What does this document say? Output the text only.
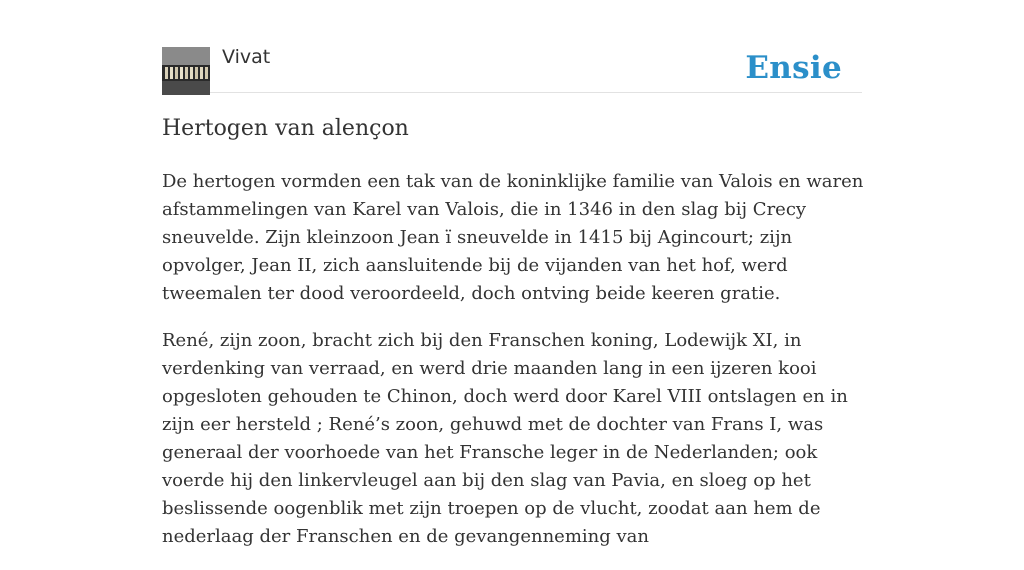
Vivat	Ensie
Hertogen van alençon

De hertogen vormden een tak van de koninklijke familie van Valois en waren afstammelingen van Karel van Valois, die in 1346 in den slag bij Crecy sneuvelde. Zijn kleinzoon Jean ï sneuvelde in 1415 bij Agincourt; zijn opvolger, Jean II, zich aansluitende bij de vijanden van het hof, werd tweemalen ter dood veroordeeld, doch ontving beide keeren gratie.

René, zijn zoon, bracht zich bij den Franschen koning, Lodewijk XI, in verdenking van verraad, en werd drie maanden lang in een ijzeren kooi opgesloten gehouden te Chinon, doch werd door Karel VIII ontslagen en in zijn eer hersteld ; René’s zoon, gehuwd met de dochter van Frans I, was generaal der voorhoede van het Fransche leger in de Nederlanden; ook voerde hij den linkervleugel aan bij den slag van Pavia, en sloeg op het beslissende oogenblik met zijn troepen op de vlucht, zoodat aan hem de nederlaag der Franschen en de gevangenneming van
